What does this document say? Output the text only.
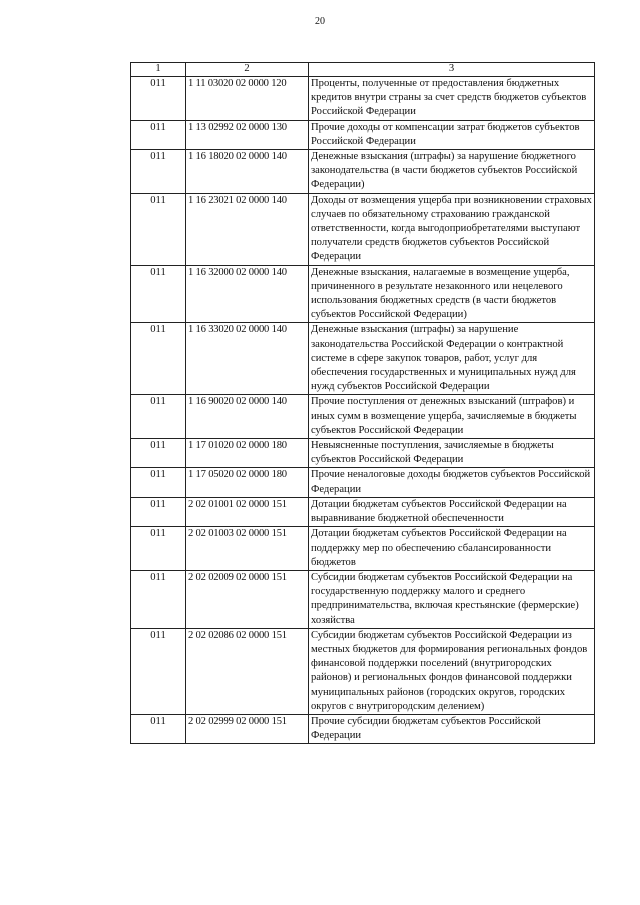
20
1	2	3
011	1 11 03020 02 0000 120	Проценты, полученные от предоставления бюджетных кредитов внутри страны за счет средств бюджетов субъектов Российской Федерации
011	1 13 02992 02 0000 130	Прочие доходы от компенсации затрат бюджетов субъектов Российской Федерации
011	1 16 18020 02 0000 140	Денежные взыскания (штрафы) за нарушение бюджетного законодательства (в части бюджетов субъектов Российской Федерации)
011	1 16 23021 02 0000 140	Доходы от возмещения ущерба при возникновении страховых случаев по обязательному страхованию гражданской ответственности, когда выгодоприобретателями выступают получатели средств бюджетов субъектов Российской Федерации
011	1 16 32000 02 0000 140	Денежные взыскания, налагаемые в возмещение ущерба, причиненного в результате незаконного или нецелевого использования бюджетных средств (в части бюджетов субъектов Российской Федерации)
011	1 16 33020 02 0000 140	Денежные взыскания (штрафы) за нарушение законодательства Российской Федерации о контрактной системе в сфере закупок товаров, работ, услуг для обеспечения государственных и муниципальных нужд для нужд субъектов Российской Федерации
011	1 16 90020 02 0000 140	Прочие поступления от денежных взысканий (штрафов) и иных сумм в возмещение ущерба, зачисляемые в бюджеты субъектов Российской Федерации
011	1 17 01020 02 0000 180	Невыясненные поступления, зачисляемые в бюджеты субъектов Российской Федерации
011	1 17 05020 02 0000 180	Прочие неналоговые доходы бюджетов субъектов Российской Федерации
011	2 02 01001 02 0000 151	Дотации бюджетам субъектов Российской Федерации на выравнивание бюджетной обеспеченности
011	2 02 01003 02 0000 151	Дотации бюджетам субъектов Российской Федерации на поддержку мер по обеспечению сбалансированности бюджетов
011	2 02 02009 02 0000 151	Субсидии бюджетам субъектов Российской Федерации на государственную поддержку малого и среднего предпринимательства, включая крестьянские (фермерские) хозяйства
011	2 02 02086 02 0000 151	Субсидии бюджетам субъектов Российской Федерации из местных бюджетов для формирования региональных фондов финансовой поддержки поселений (внутригородских районов) и региональных фондов финансовой поддержки муниципальных районов (городских округов, городских округов с внутригородским делением)
011	2 02 02999 02 0000 151	Прочие субсидии бюджетам субъектов Российской Федерации
